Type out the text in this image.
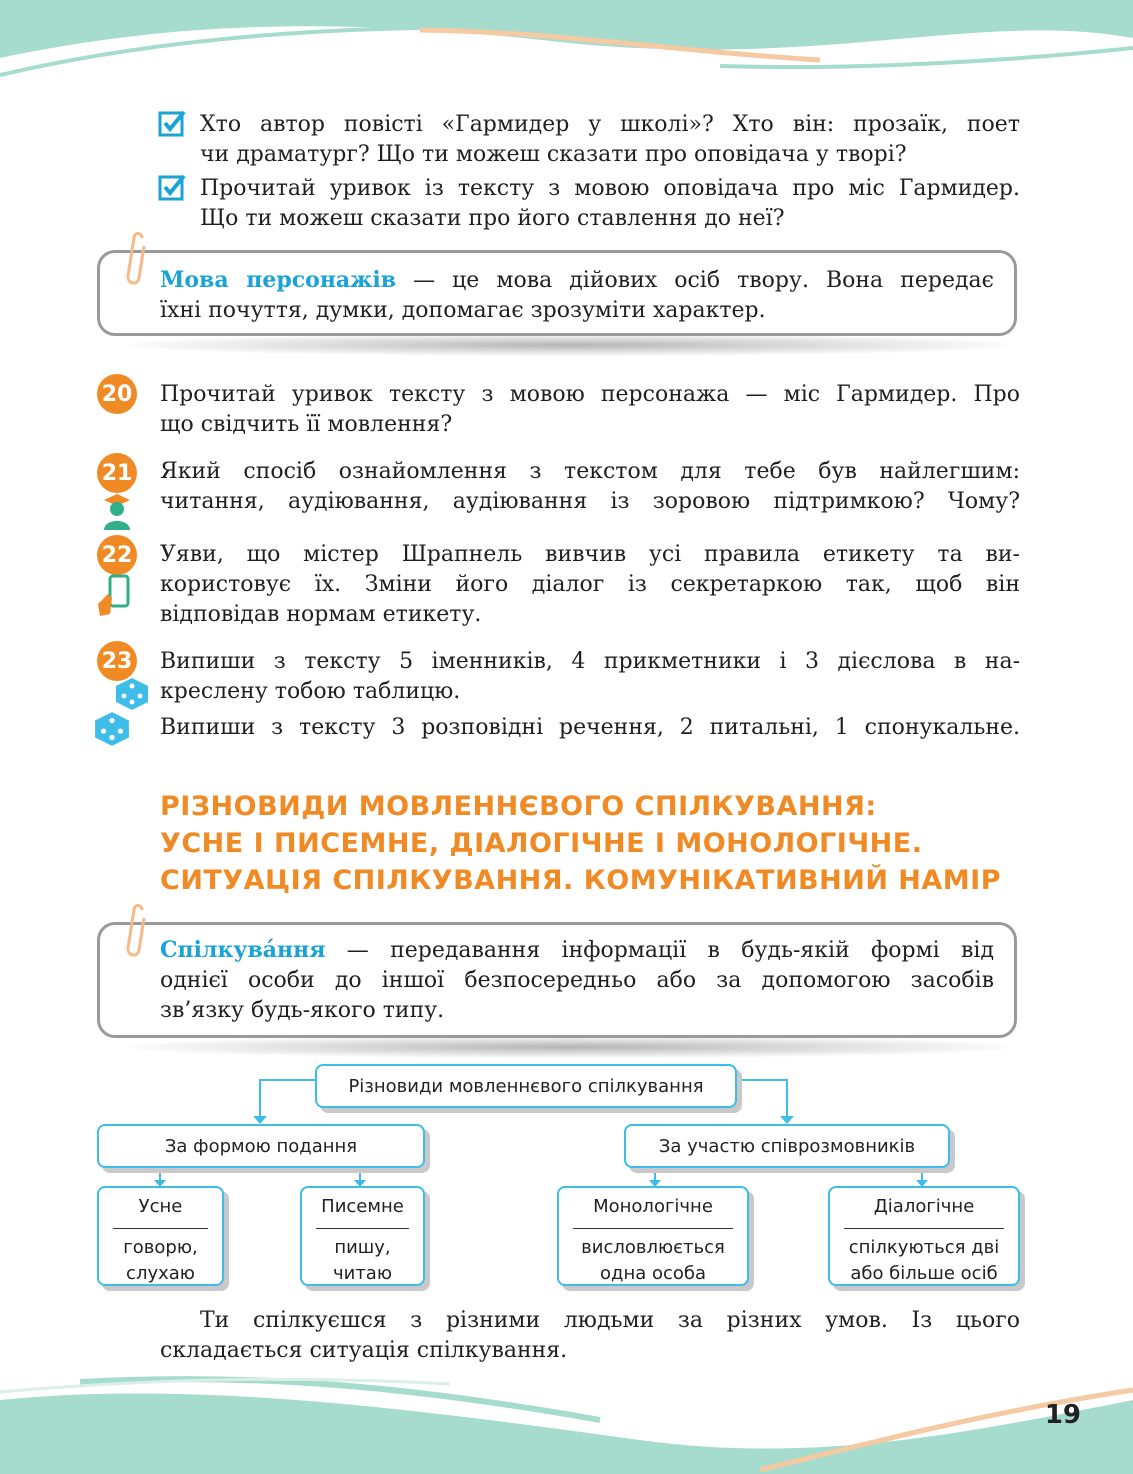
Хто автор повісті «Гармидер у школі»? Хто він: прозаїк, поет
чи драматург? Що ти можеш сказати про оповідача у творі?
Прочитай уривок із тексту з мовою оповідача про міс Гармидер.
Що ти можеш сказати про його ставлення до неї?
Мова персонажів — це мова дійових осіб твору. Вона передає
їхні почуття, думки, допомагає зрозуміти характер.
20 Прочитай уривок тексту з мовою персонажа — міс Гармидер. Про
що свідчить її мовлення?
21 Який спосіб ознайомлення з текстом для тебе був найлегшим:
читання, аудіювання, аудіювання із зоровою підтримкою? Чому?
22 Уяви, що містер Шрапнель вивчив усі правила етикету та ви-
користовує їх. Зміни його діалог із секретаркою так, щоб він
відповідав нормам етикету.
23 Випиши з тексту 5 іменників, 4 прикметники і 3 дієслова в на-
креслену тобою таблицю.
Випиши з тексту 3 розповідні речення, 2 питальні, 1 спонукальне.
РІЗНОВИДИ МОВЛЕННЄВОГО СПІЛКУВАННЯ:
УСНЕ І ПИСЕМНЕ, ДІАЛОГІЧНЕ І МОНОЛОГІЧНЕ.
СИТУАЦІЯ СПІЛКУВАННЯ. КОМУНІКАТИВНИЙ НАМІР
Спілкува́ння — передавання інформації в будь-якій формі від
однієї особи до іншої безпосередньо або за допомогою засобів
зв’язку будь-якого типу.
Різновиди мовленнєвого спілкування
За формою подання	За участю співрозмовників
Усне
говорю,
слухаю
Писемне
пишу,
читаю
Монологічне
висловлюється
одна особа
Діалогічне
спілкуються дві
або більше осіб
Ти спілкуєшся з різними людьми за різних умов. Із цього
складається ситуація спілкування.
19
